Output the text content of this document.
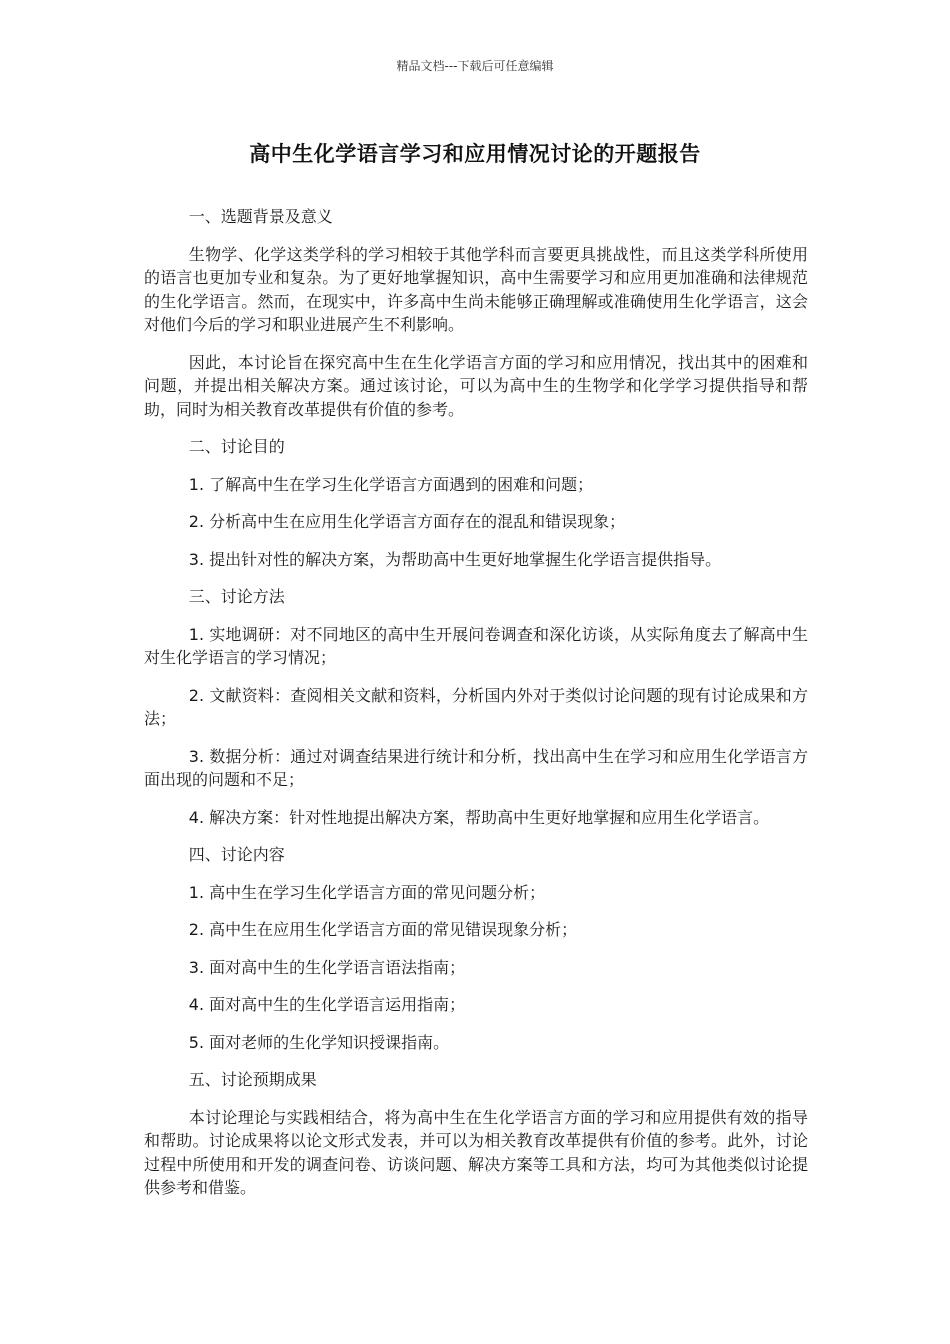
精品文档---下载后可任意编辑
高中生化学语言学习和应用情况讨论的开题报告

一、选题背景及意义

生物学、化学这类学科的学习相较于其他学科而言要更具挑战性，而且这类学科所使用的语言也更加专业和复杂。为了更好地掌握知识，高中生需要学习和应用更加准确和法律规范的生化学语言。然而，在现实中，许多高中生尚未能够正确理解或准确使用生化学语言，这会对他们今后的学习和职业进展产生不利影响。

因此，本讨论旨在探究高中生在生化学语言方面的学习和应用情况，找出其中的困难和问题，并提出相关解决方案。通过该讨论，可以为高中生的生物学和化学学习提供指导和帮助，同时为相关教育改革提供有价值的参考。

二、讨论目的

1. 了解高中生在学习生化学语言方面遇到的困难和问题；

2. 分析高中生在应用生化学语言方面存在的混乱和错误现象；

3. 提出针对性的解决方案，为帮助高中生更好地掌握生化学语言提供指导。

三、讨论方法

1. 实地调研：对不同地区的高中生开展问卷调查和深化访谈，从实际角度去了解高中生对生化学语言的学习情况；

2. 文献资料：查阅相关文献和资料，分析国内外对于类似讨论问题的现有讨论成果和方法；

3. 数据分析：通过对调查结果进行统计和分析，找出高中生在学习和应用生化学语言方面出现的问题和不足；

4. 解决方案：针对性地提出解决方案，帮助高中生更好地掌握和应用生化学语言。

四、讨论内容

1. 高中生在学习生化学语言方面的常见问题分析；

2. 高中生在应用生化学语言方面的常见错误现象分析；

3. 面对高中生的生化学语言语法指南；

4. 面对高中生的生化学语言运用指南；

5. 面对老师的生化学知识授课指南。

五、讨论预期成果

本讨论理论与实践相结合，将为高中生在生化学语言方面的学习和应用提供有效的指导和帮助。讨论成果将以论文形式发表，并可以为相关教育改革提供有价值的参考。此外，讨论过程中所使用和开发的调查问卷、访谈问题、解决方案等工具和方法，均可为其他类似讨论提供参考和借鉴。
